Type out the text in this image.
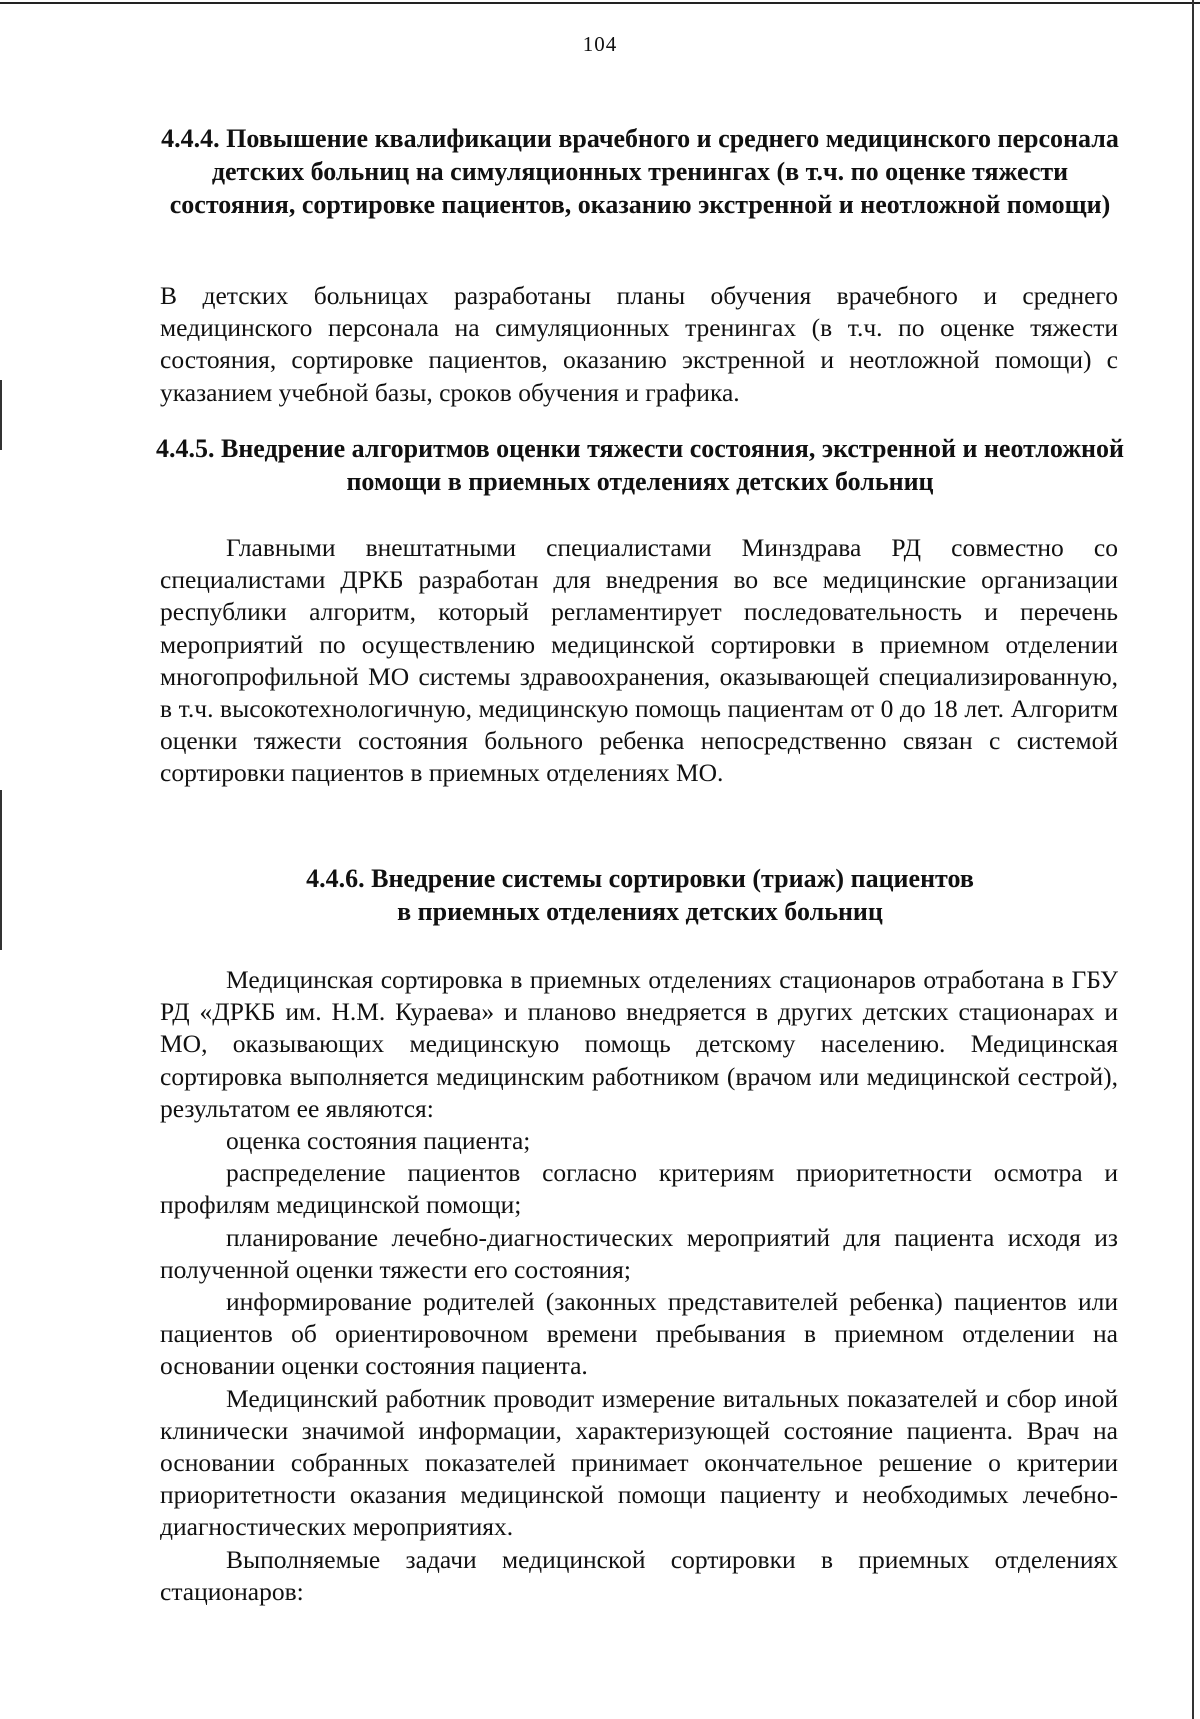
104
4.4.4. Повышение квалификации врачебного и среднего медицинского персонала детских больниц на симуляционных тренингах (в т.ч. по оценке тяжести состояния, сортировке пациентов, оказанию экстренной и неотложной помощи)

В детских больницах разработаны планы обучения врачебного и среднего медицинского персонала на симуляционных тренингах (в т.ч. по оценке тяжести состояния, сортировке пациентов, оказанию экстренной и неотложной помощи) с указанием учебной базы, сроков обучения и графика.

4.4.5. Внедрение алгоритмов оценки тяжести состояния, экстренной и неотложной помощи в приемных отделениях детских больниц

Главными внештатными специалистами Минздрава РД совместно со специалистами ДРКБ разработан для внедрения во все медицинские организации республики алгоритм, который регламентирует последовательность и перечень мероприятий по осуществлению медицинской сортировки в приемном отделении многопрофильной МО системы здравоохранения, оказывающей специализированную, в т.ч. высокотехнологичную, медицинскую помощь пациентам от 0 до 18 лет. Алгоритм оценки тяжести состояния больного ребенка непосредственно связан с системой сортировки пациентов в приемных отделениях МО.

4.4.6. Внедрение системы сортировки (триаж) пациентов
в приемных отделениях детских больниц

Медицинская сортировка в приемных отделениях стационаров отработана в ГБУ РД «ДРКБ им. Н.М. Кураева» и планово внедряется в других детских стационарах и МО, оказывающих медицинскую помощь детскому населению. Медицинская сортировка выполняется медицинским работником (врачом или медицинской сестрой), результатом ее являются:

оценка состояния пациента;

распределение пациентов согласно критериям приоритетности осмотра и профилям медицинской помощи;

планирование лечебно-диагностических мероприятий для пациента исходя из полученной оценки тяжести его состояния;

информирование родителей (законных представителей ребенка) пациентов или пациентов об ориентировочном времени пребывания в приемном отделении на основании оценки состояния пациента.

Медицинский работник проводит измерение витальных показателей и сбор иной клинически значимой информации, характеризующей состояние пациента. Врач на основании собранных показателей принимает окончательное решение о критерии приоритетности оказания медицинской помощи пациенту и необходимых лечебно-диагностических мероприятиях.

Выполняемые задачи медицинской сортировки в приемных отделениях стационаров:
